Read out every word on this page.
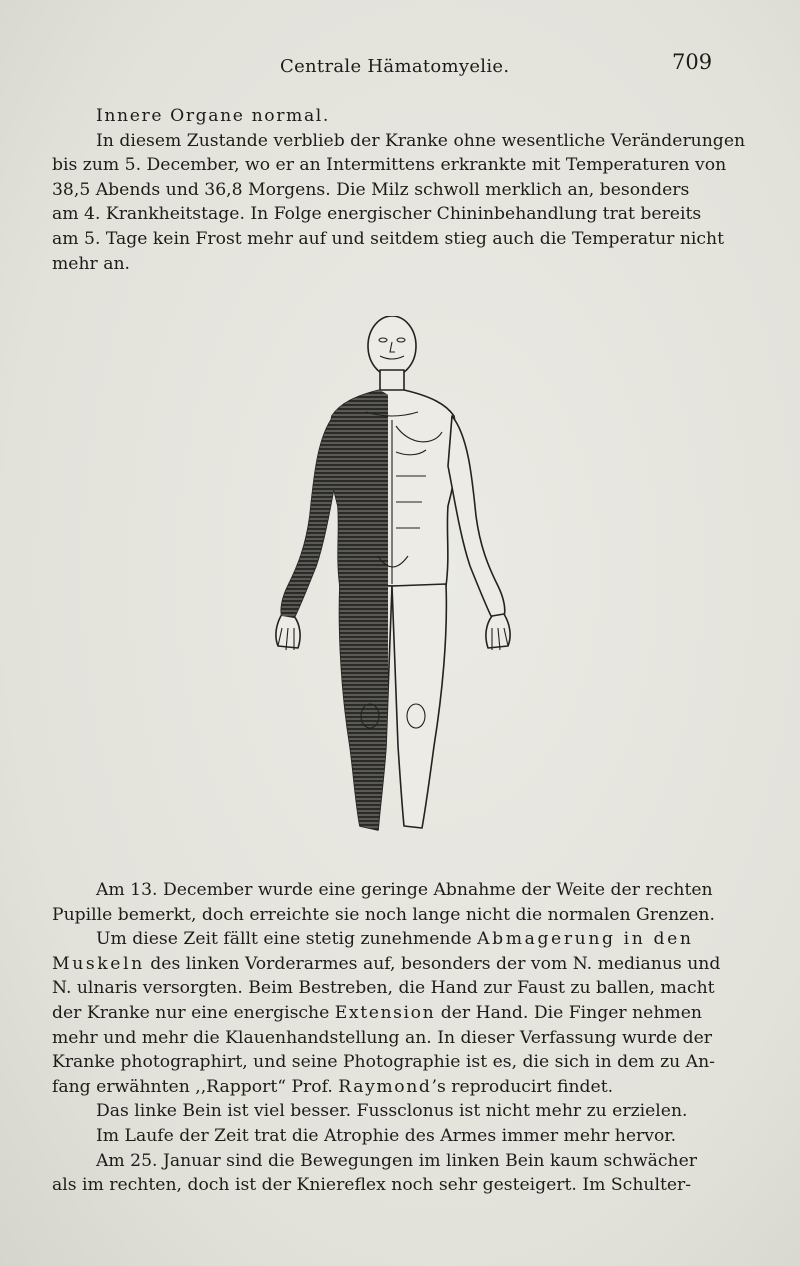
Centrale Hämatomyelie.	709
Innere Organe normal.
In diesem Zustande verblieb der Kranke ohne wesentliche Veränderungen
bis zum 5. December, wo er an Intermittens erkrankte mit Temperaturen von
38,5 Abends und 36,8 Morgens. Die Milz schwoll merklich an, besonders
am 4. Krankheitstage. In Folge energischer Chininbehandlung trat bereits
am 5. Tage kein Frost mehr auf und seitdem stieg auch die Temperatur nicht
mehr an.
Am 13. December wurde eine geringe Abnahme der Weite der rechten
Pupille bemerkt, doch erreichte sie noch lange nicht die normalen Grenzen.
Um diese Zeit fällt eine stetig zunehmende Abmagerung in den
Muskeln des linken Vorderarmes auf, besonders der vom N. medianus und
N. ulnaris versorgten. Beim Bestreben, die Hand zur Faust zu ballen, macht
der Kranke nur eine energische Extension der Hand. Die Finger nehmen
mehr und mehr die Klauenhandstellung an. In dieser Verfassung wurde der
Kranke photographirt, und seine Photographie ist es, die sich in dem zu An-
fang erwähnten ,,Rapport“ Prof. Raymond’s reproducirt findet.
Das linke Bein ist viel besser. Fussclonus ist nicht mehr zu erzielen.
Im Laufe der Zeit trat die Atrophie des Armes immer mehr hervor.
Am 25. Januar sind die Bewegungen im linken Bein kaum schwächer
als im rechten, doch ist der Kniereflex noch sehr gesteigert. Im Schulter-
